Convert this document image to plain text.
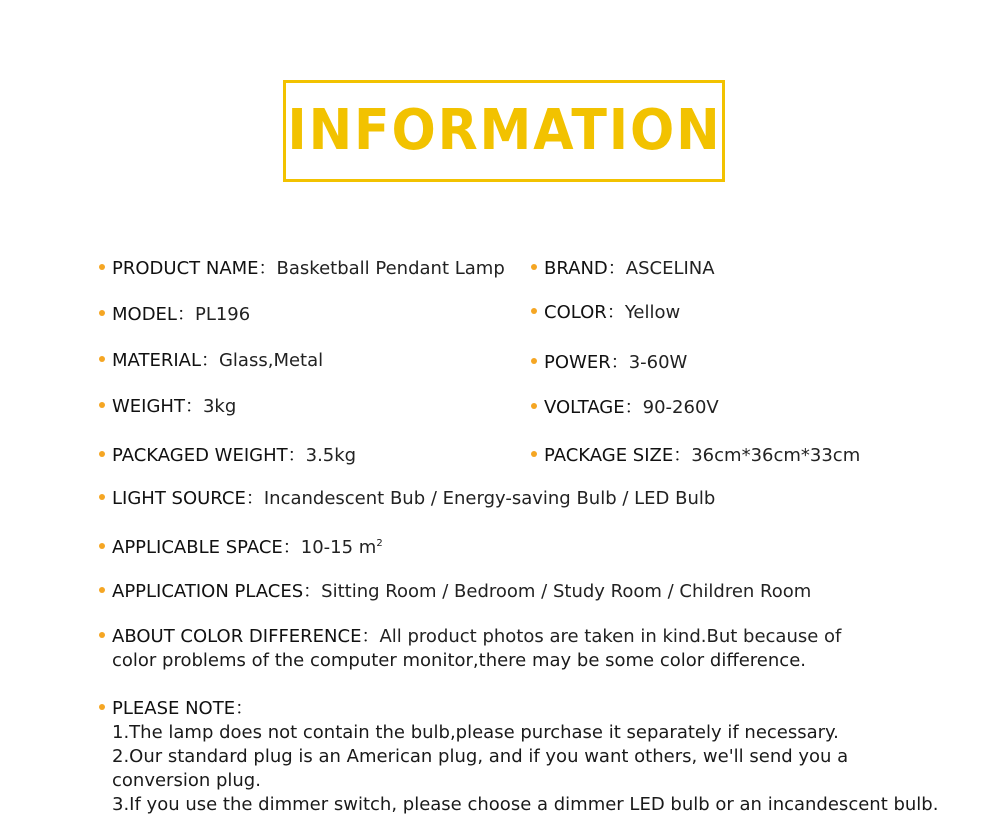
INFORMATION
PRODUCT NAME：Basketball Pendant Lamp
MODEL：PL196
MATERIAL：Glass,Metal
WEIGHT：3kg
PACKAGED WEIGHT：3.5kg
BRAND：ASCELINA
COLOR：Yellow
POWER：3-60W
VOLTAGE：90-260V
PACKAGE SIZE：36cm*36cm*33cm
LIGHT SOURCE：Incandescent Bub / Energy-saving Bulb / LED Bulb
APPLICABLE SPACE：10-15 $m^2$
APPLICATION PLACES：Sitting Room / Bedroom / Study Room / Children Room
ABOUT COLOR DIFFERENCE：All product photos are taken in kind.But because of
color problems of the computer monitor,there may be some color difference.
PLEASE NOTE：
1.The lamp does not contain the bulb,please purchase it separately if necessary.
2.Our standard plug is an American plug, and if you want others, we'll send you a
conversion plug.
3.If you use the dimmer switch, please choose a dimmer LED bulb or an incandescent bulb.
